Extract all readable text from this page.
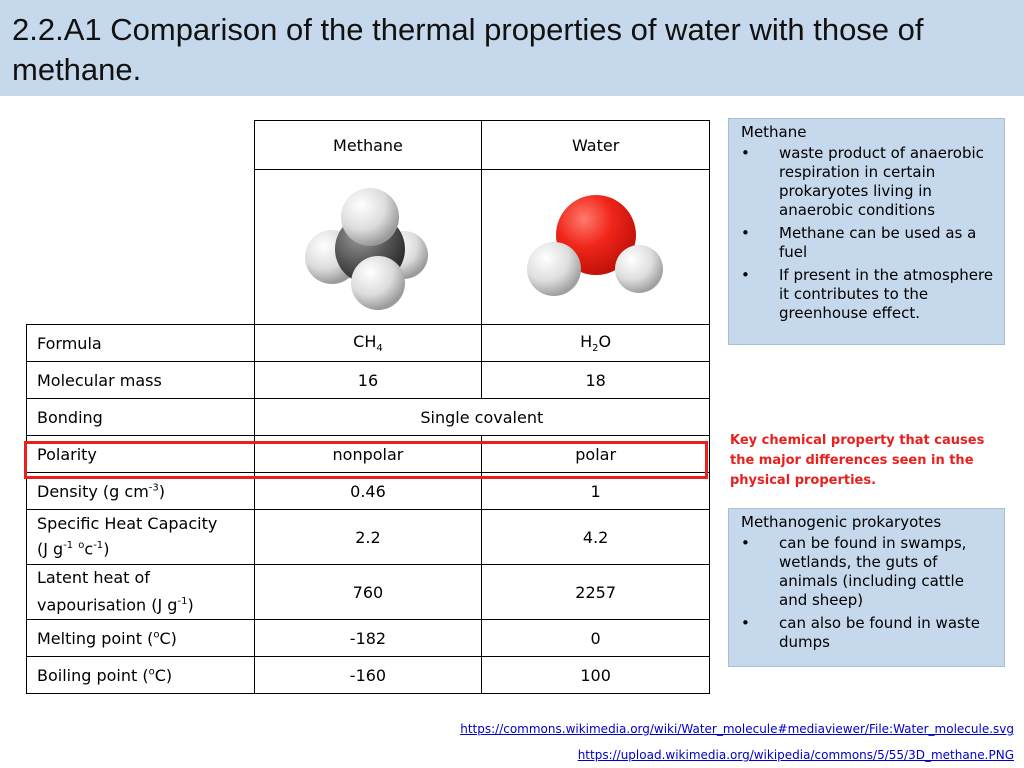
2.2.A1 Comparison of the thermal properties of water with those of methane.
	Methane	Water

Formula	$CH_4$	$H_2O$
Molecular mass	16	18
Bonding	Single covalent	
Polarity	nonpolar	polar
Density (g $cm^{-3}$)	0.46	1
Specific Heat Capacity
(J $g^{-1}$ $^oc^{-1}$)	2.2	4.2
Latent heat of
vapourisation (J $g^{-1}$)	760	2257
Melting point ($^o$C)	-182	0
Boiling point ($^o$C)	-160	100
Methane
• waste product of anaerobic respiration in certain prokaryotes living in anaerobic conditions
• Methane can be used as a fuel
• If present in the atmosphere it contributes to the greenhouse effect.
Key chemical property that causes the major differences seen in the physical properties.
Methanogenic prokaryotes
• can be found in swamps, wetlands, the guts of animals (including cattle and sheep)
• can also be found in waste dumps
https://commons.wikimedia.org/wiki/Water_molecule#mediaviewer/File:Water_molecule.svg
https://upload.wikimedia.org/wikipedia/commons/5/55/3D_methane.PNG
